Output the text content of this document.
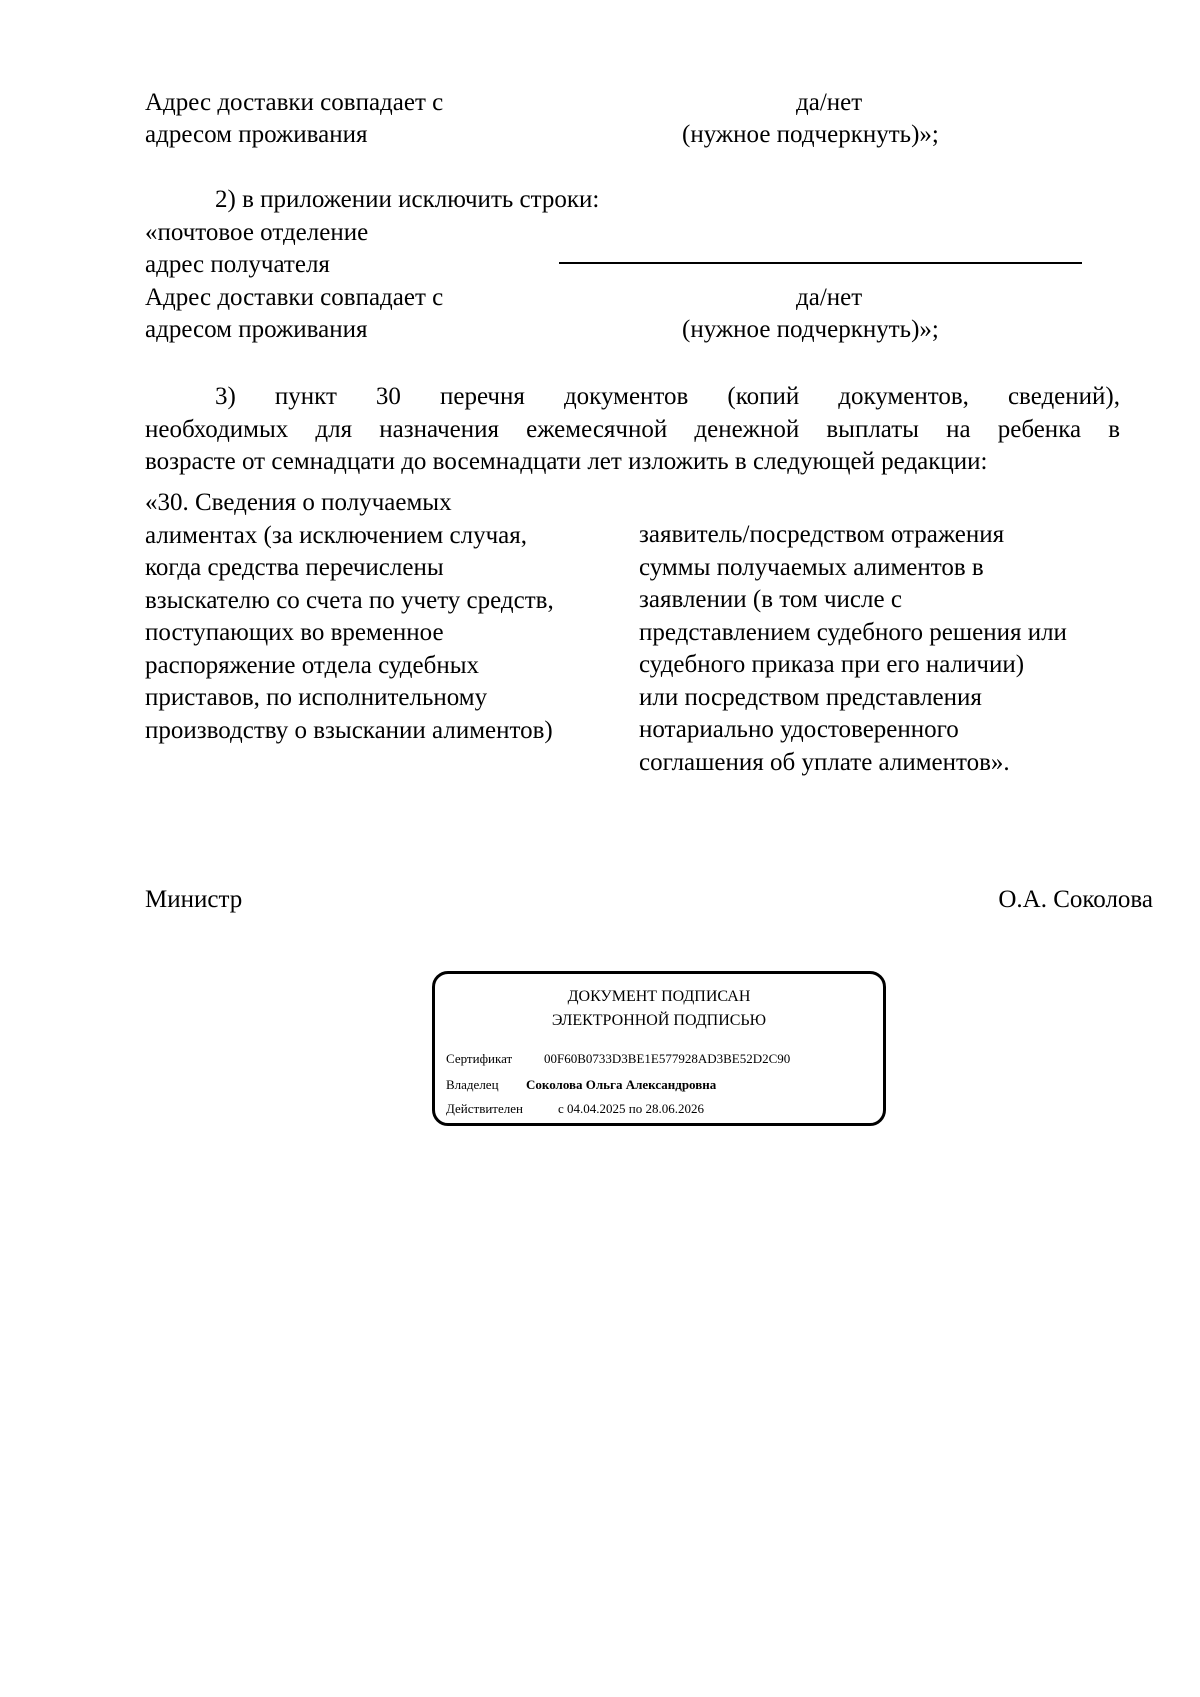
Адрес доставки совпадает с

адресом проживания

да/нет

(нужное подчеркнуть)»;

2) в приложении исключить строки:

«почтовое отделение

адрес получателя

Адрес доставки совпадает с

адресом проживания

да/нет

(нужное подчеркнуть)»;

3) пункт 30 перечня документов (копий документов, сведений),
необходимых для назначения ежемесячной денежной выплаты на ребенка в
возрасте от семнадцати до восемнадцати лет изложить в следующей редакции:
«30. Сведения о получаемых
алиментах (за исключением случая,
когда средства перечислены
взыскателю со счета по учету средств,
поступающих во временное
распоряжение отдела судебных
приставов, по исполнительному
производству о взыскании алиментов)
заявитель/посредством отражения
суммы получаемых алиментов в
заявлении (в том числе с
представлением судебного решения или
судебного приказа при его наличии)
или посредством представления
нотариально удостоверенного
соглашения об уплате алиментов».

Министр	О.А. Соколова

ДОКУМЕНТ ПОДПИСАН
ЭЛЕКТРОННОЙ ПОДПИСЬЮ
Сертификат 00F60B0733D3BE1E577928AD3BE52D2C90
Владелец Соколова Ольга Александровна
Действителен	с 04.04.2025 по 28.06.2026
